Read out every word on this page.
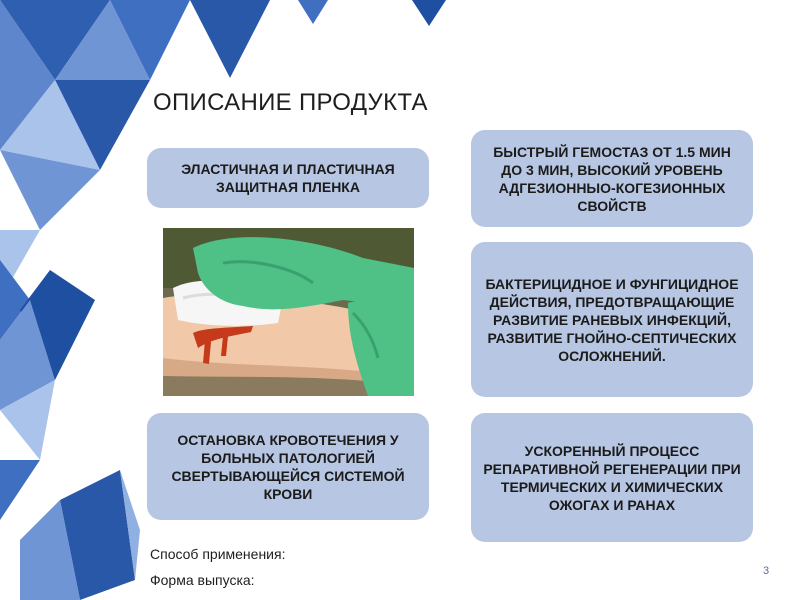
ОПИСАНИЕ ПРОДУКТА
ЭЛАСТИЧНАЯ И ПЛАСТИЧНАЯ ЗАЩИТНАЯ ПЛЕНКА
БЫСТРЫЙ ГЕМОСТАЗ ОТ 1.5 МИН ДО 3 МИН, ВЫСОКИЙ УРОВЕНЬ АДГЕЗИОННЫО-КОГЕЗИОННЫХ СВОЙСТВ
БАКТЕРИЦИДНОЕ И ФУНГИЦИДНОЕ ДЕЙСТВИЯ, ПРЕДОТВРАЩАЮЩИЕ РАЗВИТИЕ РАНЕВЫХ ИНФЕКЦИЙ, РАЗВИТИЕ ГНОЙНО-СЕПТИЧЕСКИХ ОСЛОЖНЕНИЙ.
ОСТАНОВКА КРОВОТЕЧЕНИЯ У БОЛЬНЫХ ПАТОЛОГИЕЙ СВЕРТЫВАЮЩЕЙСЯ СИСТЕМОЙ КРОВИ
УСКОРЕННЫЙ ПРОЦЕСС РЕПАРАТИВНОЙ РЕГЕНЕРАЦИИ ПРИ ТЕРМИЧЕСКИХ И ХИМИЧЕСКИХ ОЖОГАХ И РАНАХ
Способ применения:
Форма выпуска:
3
